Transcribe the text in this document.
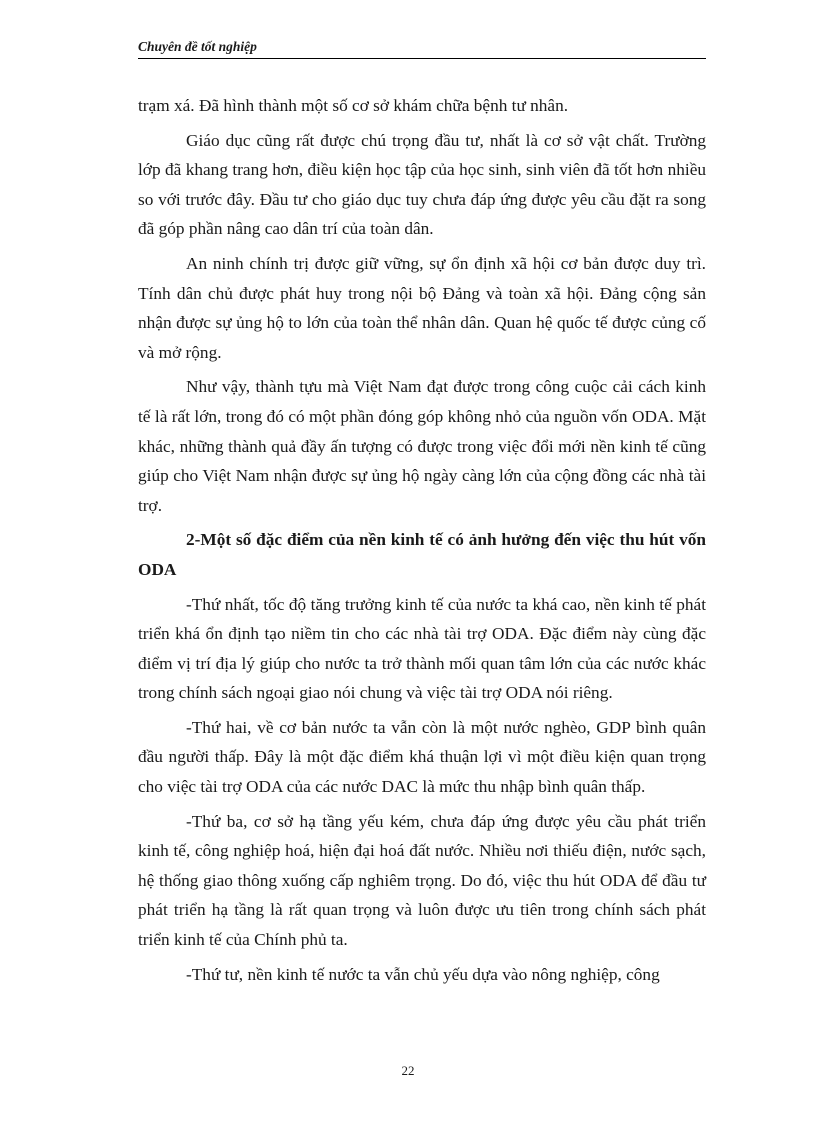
Chuyên đề tốt nghiệp

trạm xá. Đã hình thành một số cơ sở khám chữa bệnh tư nhân.

Giáo dục cũng rất được chú trọng đầu tư, nhất là cơ sở vật chất. Trường lớp đã khang trang hơn, điều kiện học tập của học sinh, sinh viên đã tốt hơn nhiều so với trước đây. Đầu tư cho giáo dục tuy chưa đáp ứng được yêu cầu đặt ra song đã góp phần nâng cao dân trí của toàn dân.

An ninh chính trị được giữ vững, sự ổn định xã hội cơ bản được duy trì. Tính dân chủ được phát huy trong nội bộ Đảng và toàn xã hội. Đảng cộng sản nhận được sự ủng hộ to lớn của toàn thể nhân dân. Quan hệ quốc tế được củng cố và mở rộng.

Như vậy, thành tựu mà Việt Nam đạt được trong công cuộc cải cách kinh tế là rất lớn, trong đó có một phần đóng góp không nhỏ của nguồn vốn ODA. Mặt khác, những thành quả đầy ấn tượng có được trong việc đổi mới nền kinh tế cũng giúp cho Việt Nam nhận được sự ủng hộ ngày càng lớn của cộng đồng các nhà tài trợ.

2-Một số đặc điểm của nền kinh tế có ảnh hưởng đến việc thu hút vốn ODA

-Thứ nhất, tốc độ tăng trưởng kinh tế của nước ta khá cao, nền kinh tế phát triển khá ổn định tạo niềm tin cho các nhà tài trợ ODA. Đặc điểm này cùng đặc điểm vị trí địa lý giúp cho nước ta trở thành mối quan tâm lớn của các nước khác trong chính sách ngoại giao nói chung và việc tài trợ ODA nói riêng.

-Thứ hai, về cơ bản nước ta vẫn còn là một nước nghèo, GDP bình quân đầu người thấp. Đây là một đặc điểm khá thuận lợi vì một điều kiện quan trọng cho việc tài trợ ODA của các nước DAC là mức thu nhập bình quân thấp.

-Thứ ba, cơ sở hạ tầng yếu kém, chưa đáp ứng được yêu cầu phát triển kinh tế, công nghiệp hoá, hiện đại hoá đất nước. Nhiều nơi thiếu điện, nước sạch, hệ thống giao thông xuống cấp nghiêm trọng. Do đó, việc thu hút ODA để đầu tư phát triển hạ tầng là rất quan trọng và luôn được ưu tiên trong chính sách phát triển kinh tế của Chính phủ ta.

-Thứ tư, nền kinh tế nước ta vẫn chủ yếu dựa vào nông nghiệp, công

22
